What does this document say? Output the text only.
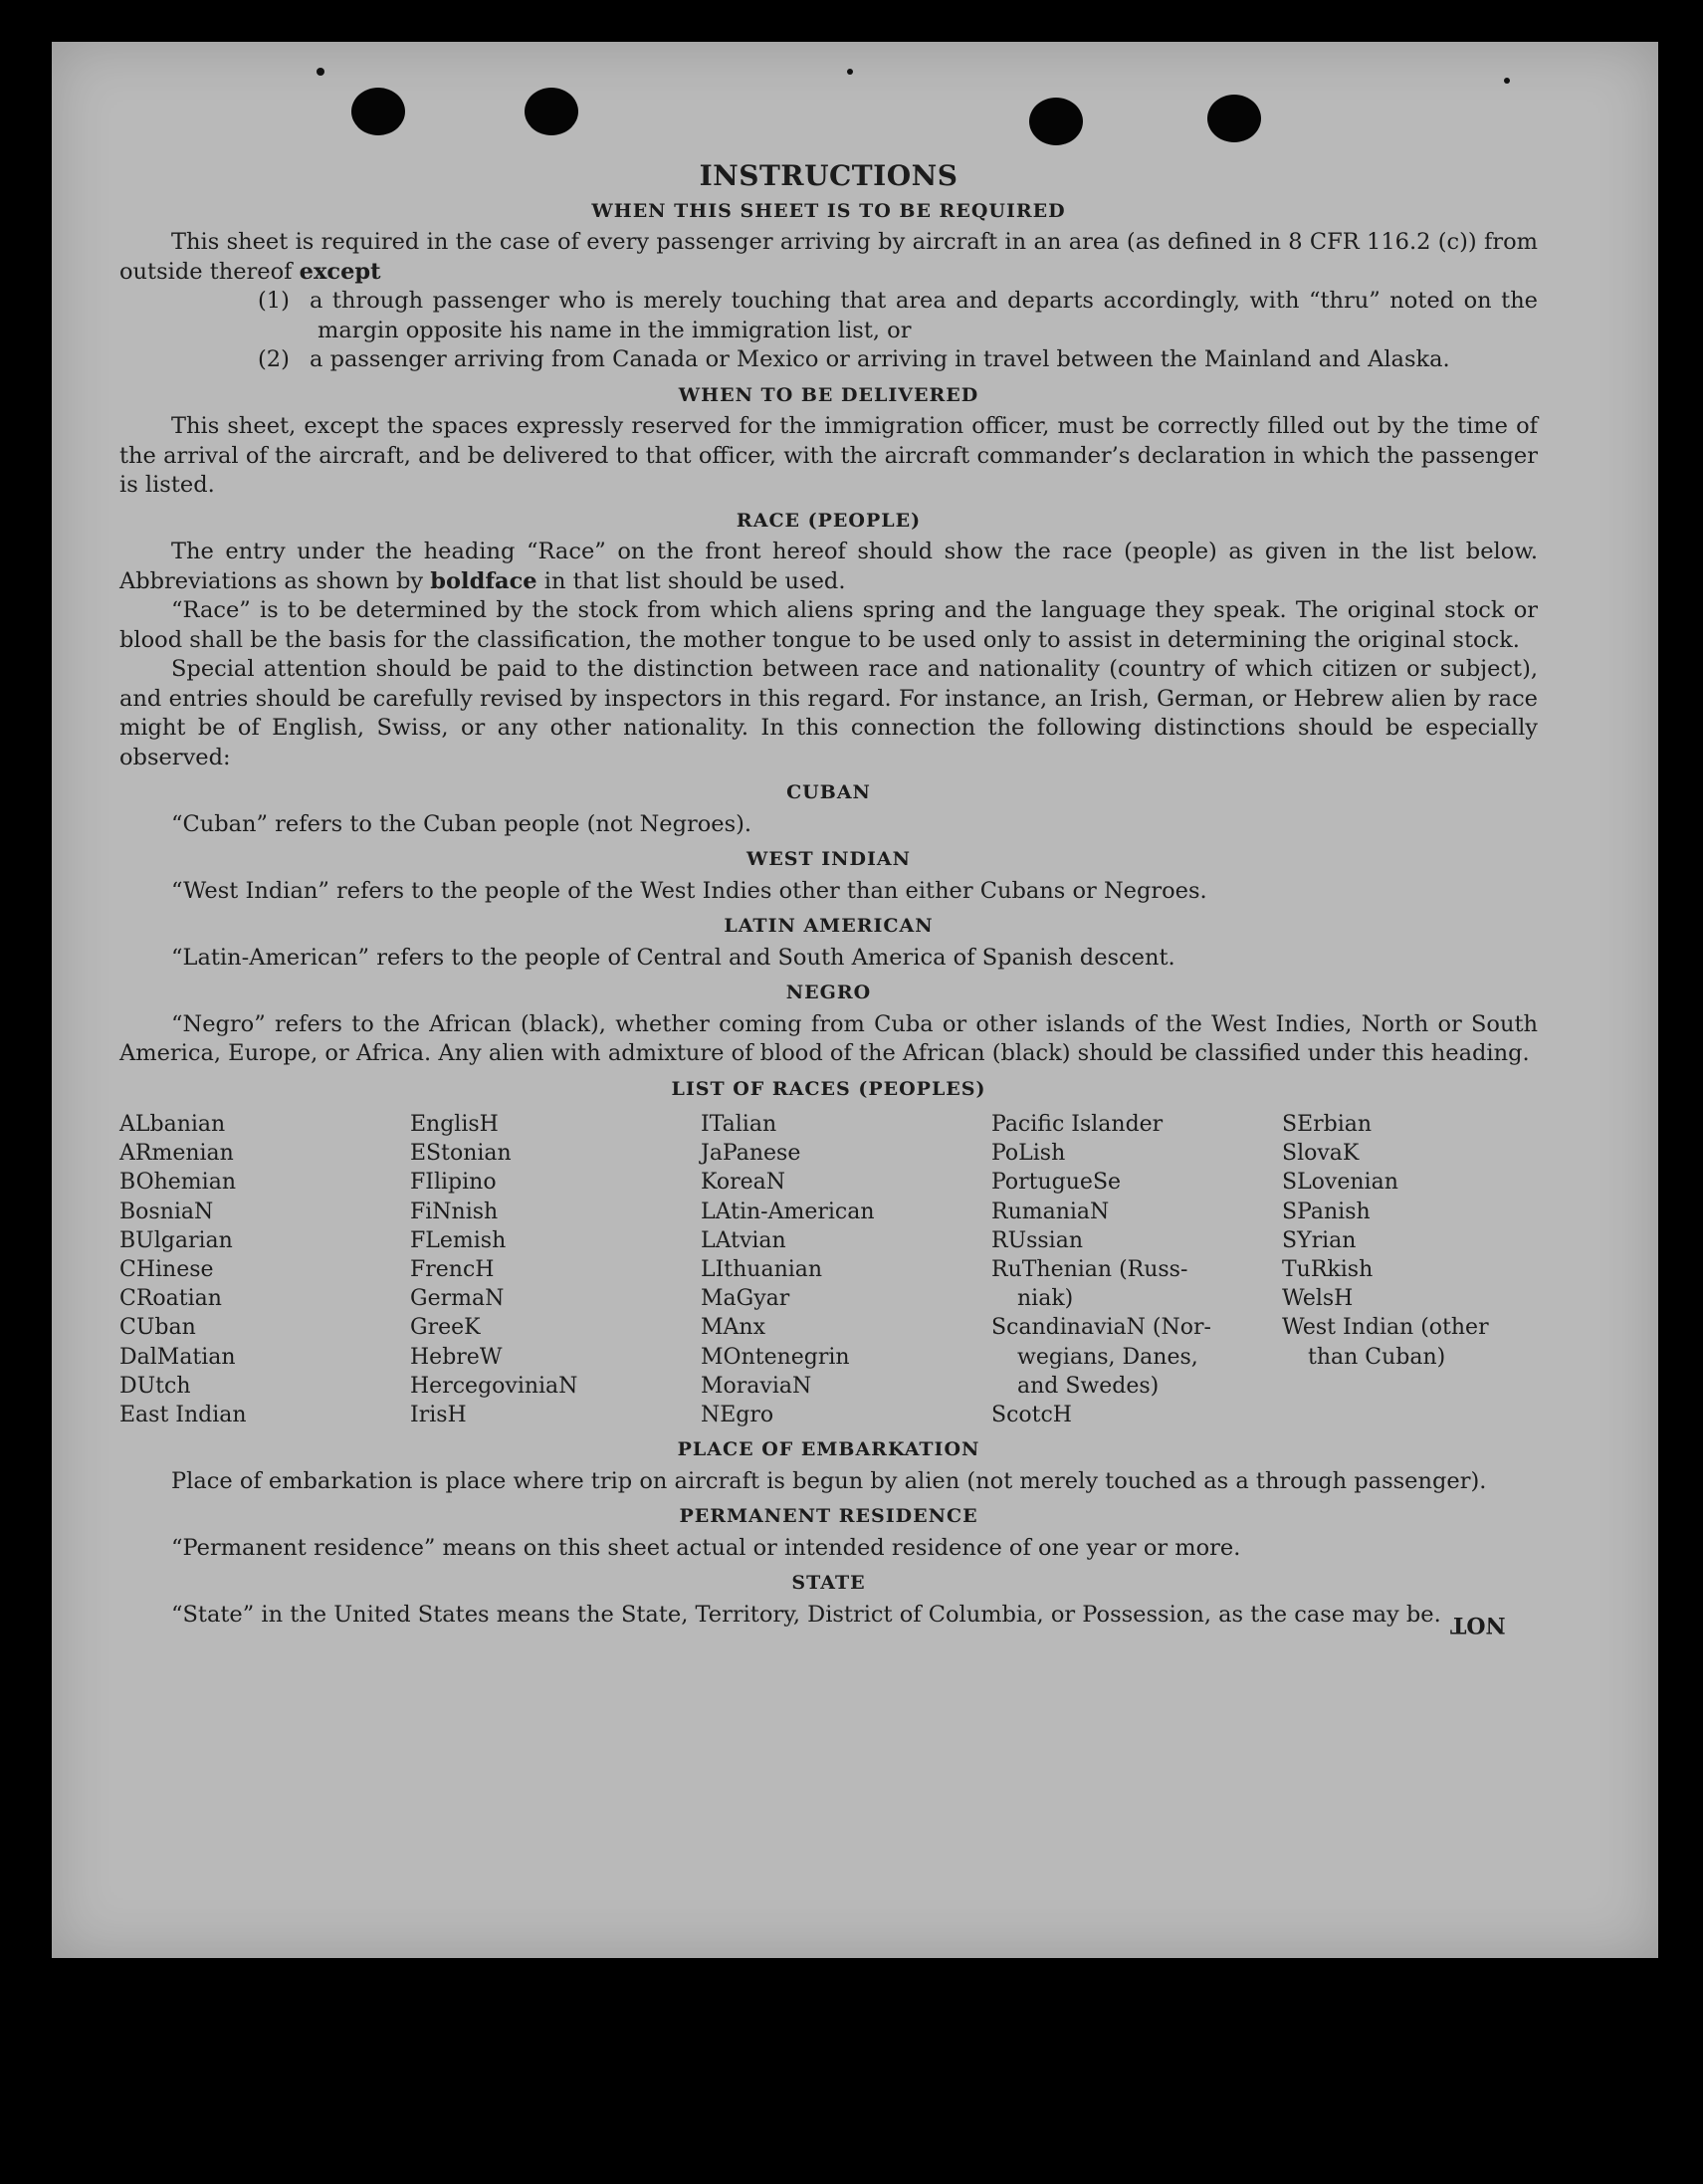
INSTRUCTIONS
WHEN THIS SHEET IS TO BE REQUIRED

This sheet is required in the case of every passenger arriving by aircraft in an area (as defined in 8 CFR 116.2 (c)) from outside thereof except

(1) a through passenger who is merely touching that area and departs accordingly, with “thru” noted on the margin opposite his name in the immigration list, or

(2) a passenger arriving from Canada or Mexico or arriving in travel between the Mainland and Alaska.

WHEN TO BE DELIVERED

This sheet, except the spaces expressly reserved for the immigration officer, must be correctly filled out by the time of the arrival of the aircraft, and be delivered to that officer, with the aircraft commander’s declaration in which the passenger is listed.

RACE (PEOPLE)

The entry under the heading “Race” on the front hereof should show the race (people) as given in the list below. Abbreviations as shown by boldface in that list should be used.

“Race” is to be determined by the stock from which aliens spring and the language they speak. The original stock or blood shall be the basis for the classification, the mother tongue to be used only to assist in determining the original stock.

Special attention should be paid to the distinction between race and nationality (country of which citizen or subject), and entries should be carefully revised by inspectors in this regard. For instance, an Irish, German, or Hebrew alien by race might be of English, Swiss, or any other nationality. In this connection the following distinctions should be especially observed:

CUBAN

“Cuban” refers to the Cuban people (not Negroes).

WEST INDIAN

“West Indian” refers to the people of the West Indies other than either Cubans or Negroes.

LATIN AMERICAN

“Latin-American” refers to the people of Central and South America of Spanish descent.

NEGRO

“Negro” refers to the African (black), whether coming from Cuba or other islands of the West Indies, North or South America, Europe, or Africa. Any alien with admixture of blood of the African (black) should be classified under this heading.

LIST OF RACES (PEOPLES)
ALbanian
ARmenian
BOhemian
BosniaN
BUlgarian
CHinese
CRoatian
CUban
DalMatian
DUtch
East Indian
EnglisH
EStonian
FIlipino
FiNnish
FLemish
FrencH
GermaN
GreeK
HebreW
HercegoviniaN
IrisH
ITalian
JaPanese
KoreaN
LAtin-American
LAtvian
LIthuanian
MaGyar
MAnx
MOntenegrin
MoraviaN
NEgro
Pacific Islander
PoLish
PortugueSe
RumaniaN
RUssian
RuThenian (Russ-
niak)
ScandinaviaN (Nor-
wegians, Danes,
and Swedes)
ScotcH
SErbian
SlovaK
SLovenian
SPanish
SYrian
TuRkish
WelsH
West Indian (other
than Cuban)
PLACE OF EMBARKATION

Place of embarkation is place where trip on aircraft is begun by alien (not merely touched as a through passenger).

PERMANENT RESIDENCE

“Permanent residence” means on this sheet actual or intended residence of one year or more.

STATE

“State” in the United States means the State, Territory, District of Columbia, or Possession, as the case may be. NOT
